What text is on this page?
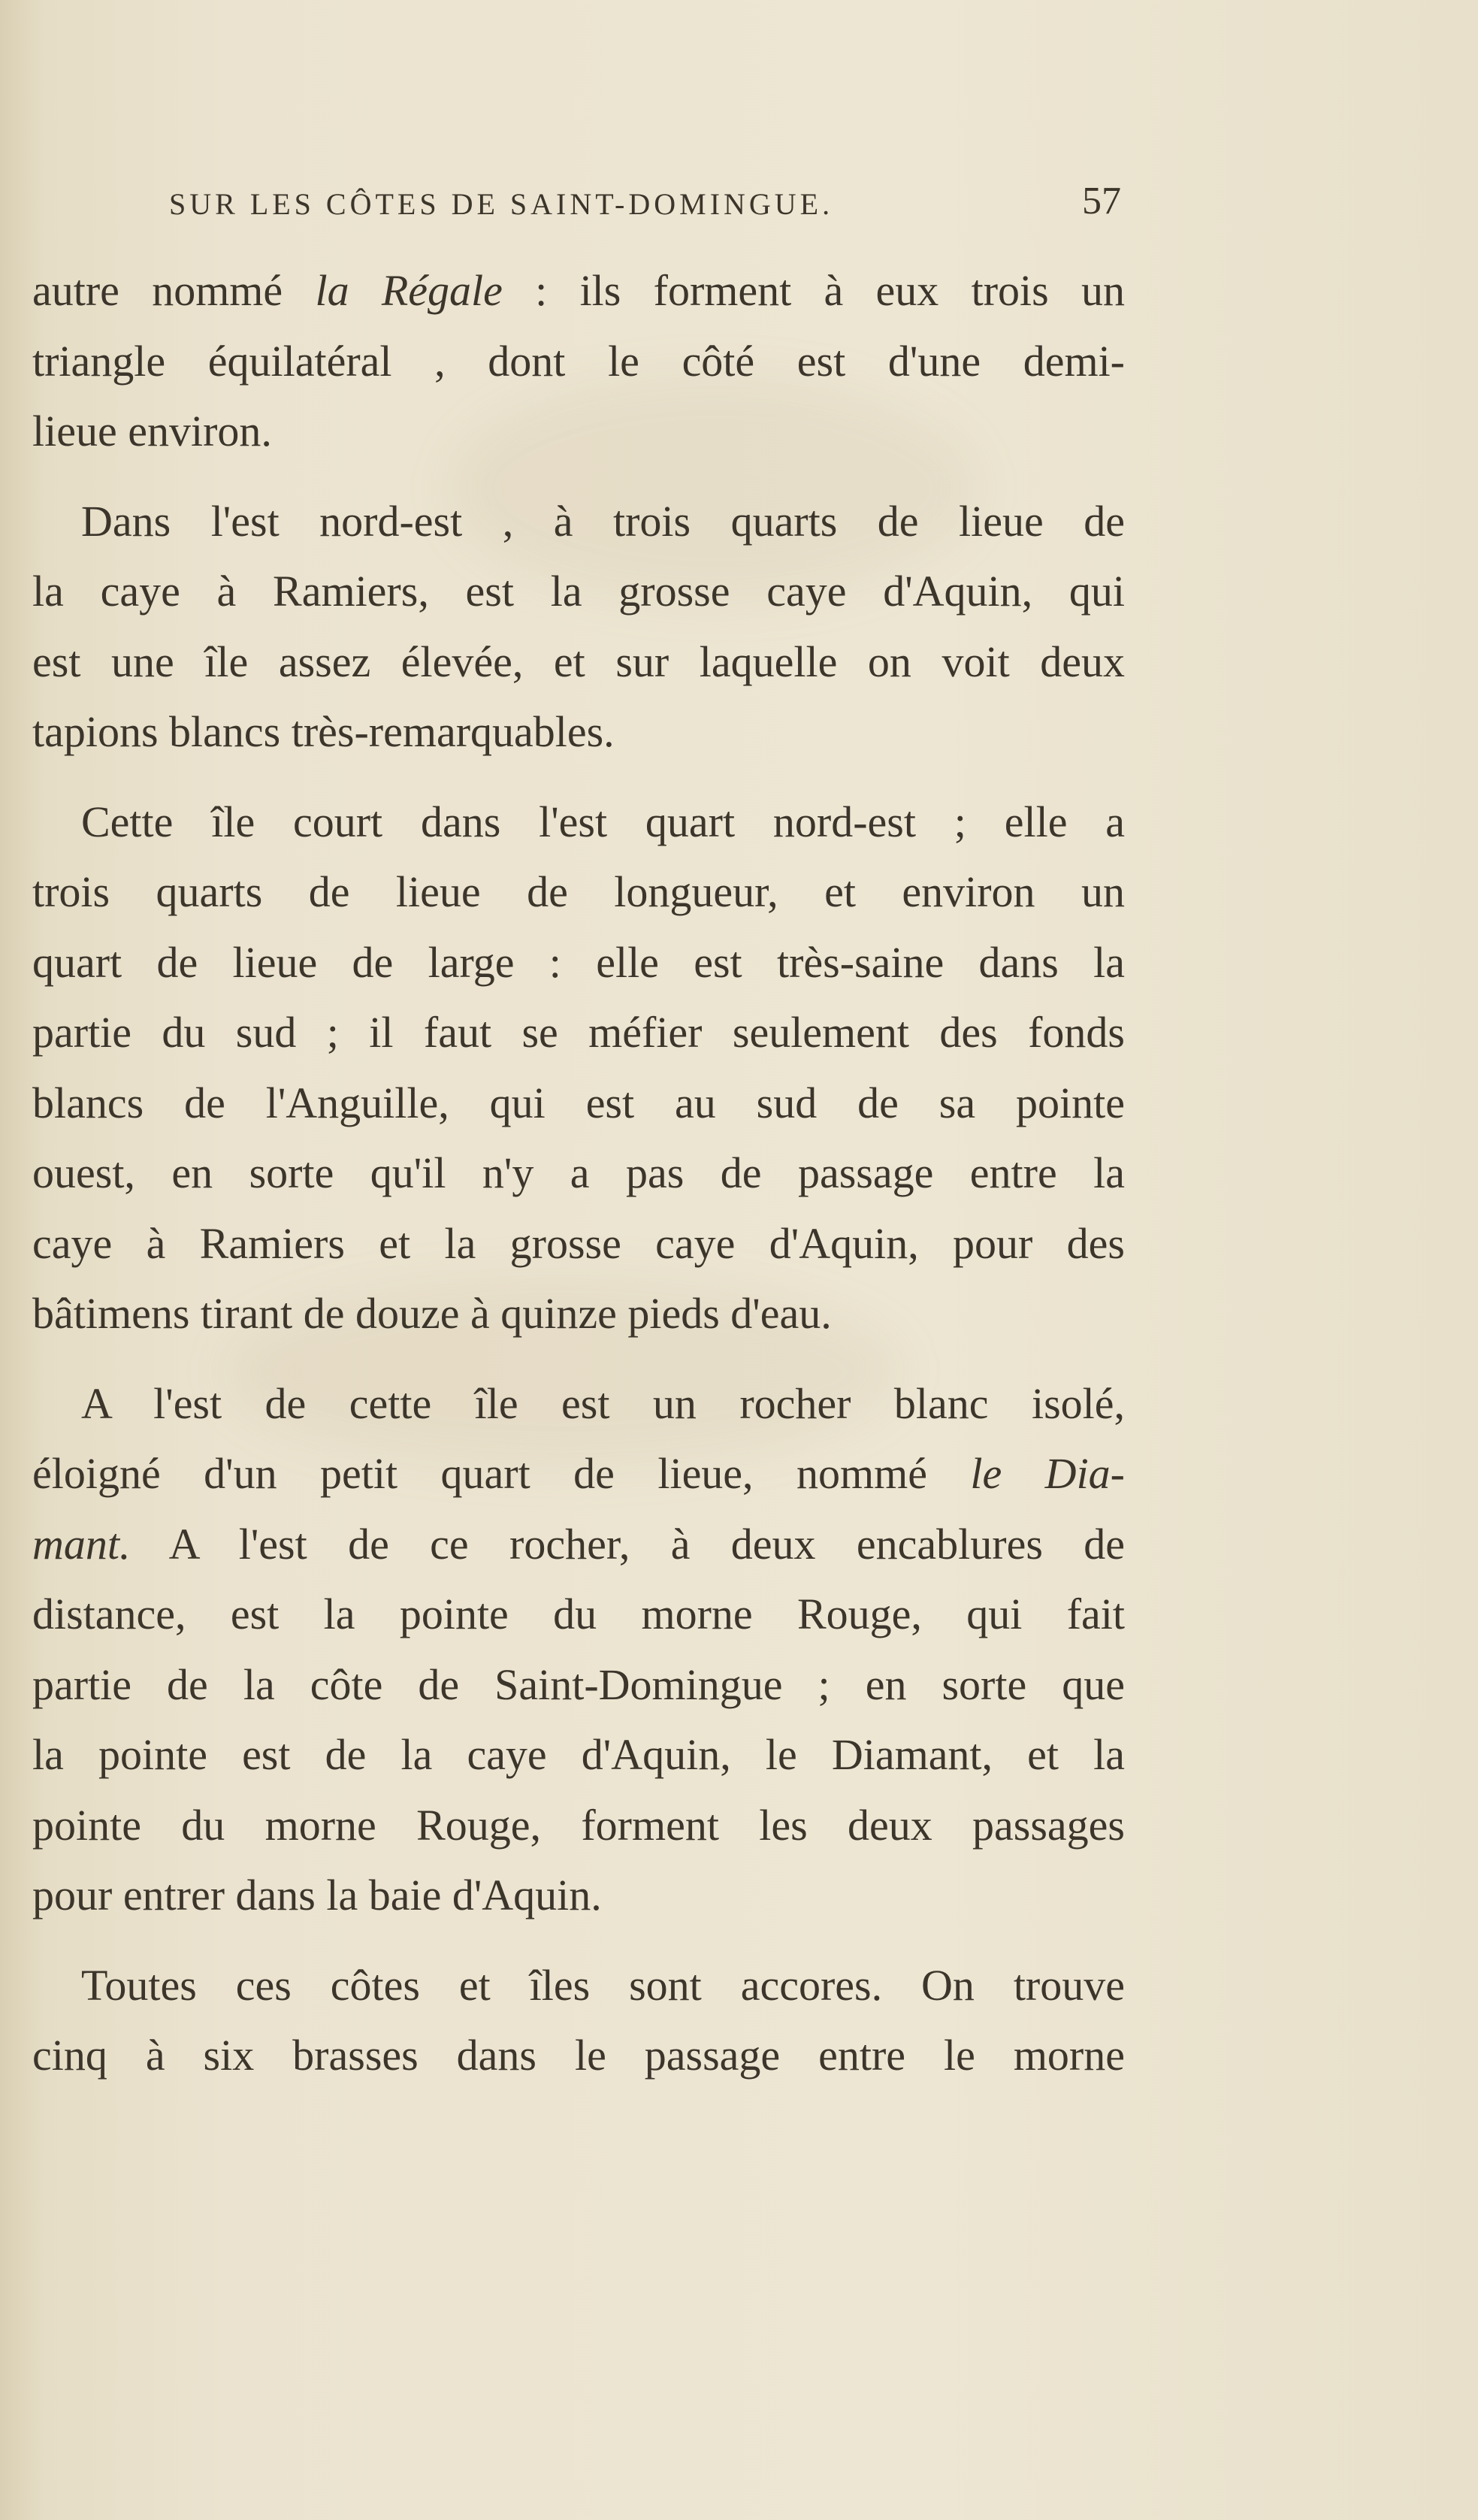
SUR LES CÔTES DE SAINT-DOMINGUE.	57
autre nommé la Régale : ils forment à eux trois un
triangle équilatéral , dont le côté est d'une demi-
lieue environ.
Dans l'est nord-est , à trois quarts de lieue de
la caye à Ramiers, est la grosse caye d'Aquin, qui
est une île assez élevée, et sur laquelle on voit deux
tapions blancs très-remarquables.
Cette île court dans l'est quart nord-est ; elle a
trois quarts de lieue de longueur, et environ un
quart de lieue de large : elle est très-saine dans la
partie du sud ; il faut se méfier seulement des fonds
blancs de l'Anguille, qui est au sud de sa pointe
ouest, en sorte qu'il n'y a pas de passage entre la
caye à Ramiers et la grosse caye d'Aquin, pour des
bâtimens tirant de douze à quinze pieds d'eau.
A l'est de cette île est un rocher blanc isolé,
éloigné d'un petit quart de lieue, nommé le Dia-
mant. A l'est de ce rocher, à deux encablures de
distance, est la pointe du morne Rouge, qui fait
partie de la côte de Saint-Domingue ; en sorte que
la pointe est de la caye d'Aquin, le Diamant, et la
pointe du morne Rouge, forment les deux passages
pour entrer dans la baie d'Aquin.
Toutes ces côtes et îles sont accores. On trouve
cinq à six brasses dans le passage entre le morne
